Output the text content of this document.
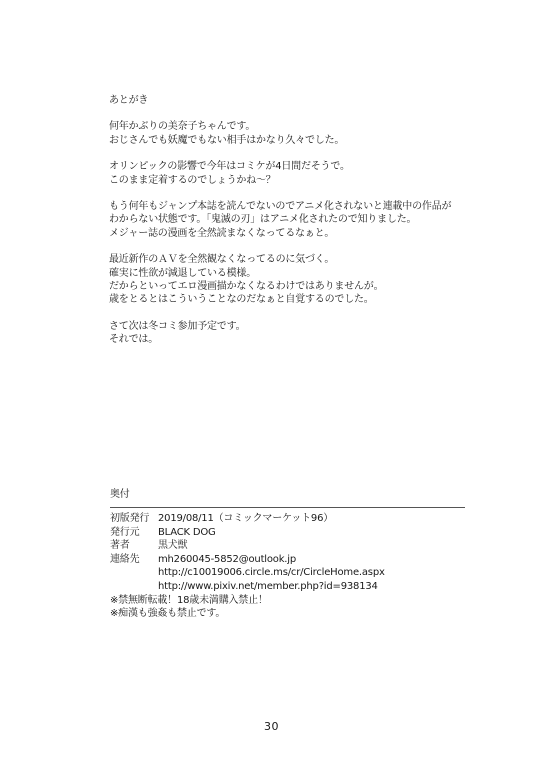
あとがき
何年かぶりの美奈子ちゃんです。
おじさんでも妖魔でもない相手はかなり久々でした。
オリンピックの影響で今年はコミケが4日間だそうで。
このまま定着するのでしょうかね〜？
もう何年もジャンプ本誌を読んでないのでアニメ化されないと連載中の作品が
わからない状態です。「鬼滅の刃」はアニメ化されたので知りました。
メジャー誌の漫画を全然読まなくなってるなぁと。
最近新作のＡＶを全然観なくなってるのに気づく。
確実に性欲が減退している模様。
だからといってエロ漫画描かなくなるわけではありませんが。
歳をとるとはこういうことなのだなぁと自覚するのでした。
さて次は冬コミ参加予定です。
それでは。
奥付
初版発行 2019/08/11（コミックマーケット96）
発行元	BLACK DOG
著者	黒犬獣
連絡先	mh260045-5852@outlook.jp
http://c10019006.circle.ms/cr/CircleHome.aspx
http://www.pixiv.net/member.php?id=938134
※禁無断転載！18歳未満購入禁止！
※痴漢も強姦も禁止です。
30
